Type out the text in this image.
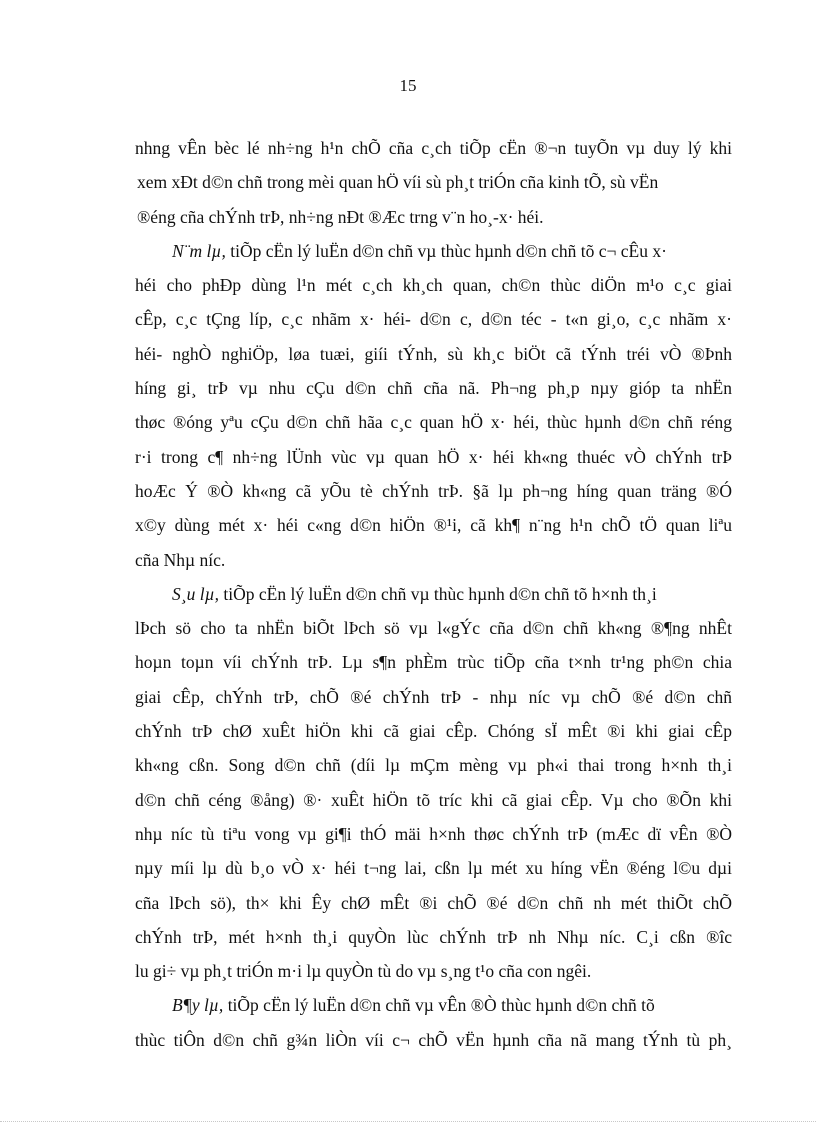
15
nhng vÊn bèc lé nh÷ng h¹n chÕ cña c¸ch tiÕp cËn ®¬n tuyÕn vµ duy lý khi
xem xÐt d©n chñ trong mèi quan hÖ víi sù ph¸t triÓn cña kinh tÕ, sù vËn
®éng cña chÝnh trÞ, nh÷ng nÐt ®Æc trng v¨n ho¸-x· héi.
N¨m lµ, tiÕp cËn lý luËn d©n chñ vµ thùc hµnh d©n chñ tõ c¬ cÊu x·
héi cho phÐp dùng l¹n mét c¸ch kh¸ch quan, ch©n thùc diÖn m¹o c¸c giai
cÊp, c¸c tÇng líp, c¸c nhãm x· héi- d©n c, d©n téc - t«n gi¸o, c¸c nhãm x·
héi- nghÒ nghiÖp, løa tuæi, giíi tÝnh, sù kh¸c biÖt cã tÝnh tréi vÒ ®Þnh
híng gi¸ trÞ vµ nhu cÇu d©n chñ cña nã. Ph¬ng ph¸p nµy gióp ta nhËn
thøc ®óng yªu cÇu d©n chñ hãa c¸c quan hÖ x· héi, thùc hµnh d©n chñ réng
r·i trong c¶ nh÷ng lÜnh vùc vµ quan hÖ x· héi kh«ng thuéc vÒ chÝnh trÞ
hoÆc Ý ®Ò kh«ng cã yÕu tè chÝnh trÞ. §ã lµ ph¬ng híng quan träng ®Ó
x©y dùng mét x· héi c«ng d©n hiÖn ®¹i, cã kh¶ n¨ng h¹n chÕ tÖ quan liªu
cña Nhµ níc.
S¸u lµ, tiÕp cËn lý luËn d©n chñ vµ thùc hµnh d©n chñ tõ h×nh th¸i
lÞch sö cho ta nhËn biÕt lÞch sö vµ l«gÝc cña d©n chñ kh«ng ®¶ng nhÊt
hoµn toµn víi chÝnh trÞ. Lµ s¶n phÈm trùc tiÕp cña t×nh tr¹ng ph©n chia
giai cÊp, chÝnh trÞ, chÕ ®é chÝnh trÞ - nhµ níc vµ chÕ ®é d©n chñ
chÝnh trÞ chØ xuÊt hiÖn khi cã giai cÊp. Chóng sÏ mÊt ®i khi giai cÊp
kh«ng cßn. Song d©n chñ (díi lµ mÇm mèng vµ ph«i thai trong h×nh th¸i
d©n chñ céng ®ång) ®· xuÊt hiÖn tõ tríc khi cã giai cÊp. Vµ cho ®Õn khi
nhµ níc tù tiªu vong vµ gi¶i thÓ mäi h×nh thøc chÝnh trÞ (mÆc dï vÊn ®Ò
nµy míi lµ dù b¸o vÒ x· héi t¬ng lai, cßn lµ mét xu híng vËn ®éng l©u dµi
cña lÞch sö), th× khi Êy chØ mÊt ®i chÕ ®é d©n chñ nh mét thiÕt chÕ
chÝnh trÞ, mét h×nh th¸i quyÒn lùc chÝnh trÞ nh Nhµ níc. C¸i cßn ®îc
lu gi÷ vµ ph¸t triÓn m·i lµ quyÒn tù do vµ s¸ng t¹o cña con ngêi.
B¶y lµ, tiÕp cËn lý luËn d©n chñ vµ vÊn ®Ò thùc hµnh d©n chñ tõ
thùc tiÔn d©n chñ g¾n liÒn víi c¬ chÕ vËn hµnh cña nã mang tÝnh tù ph¸
